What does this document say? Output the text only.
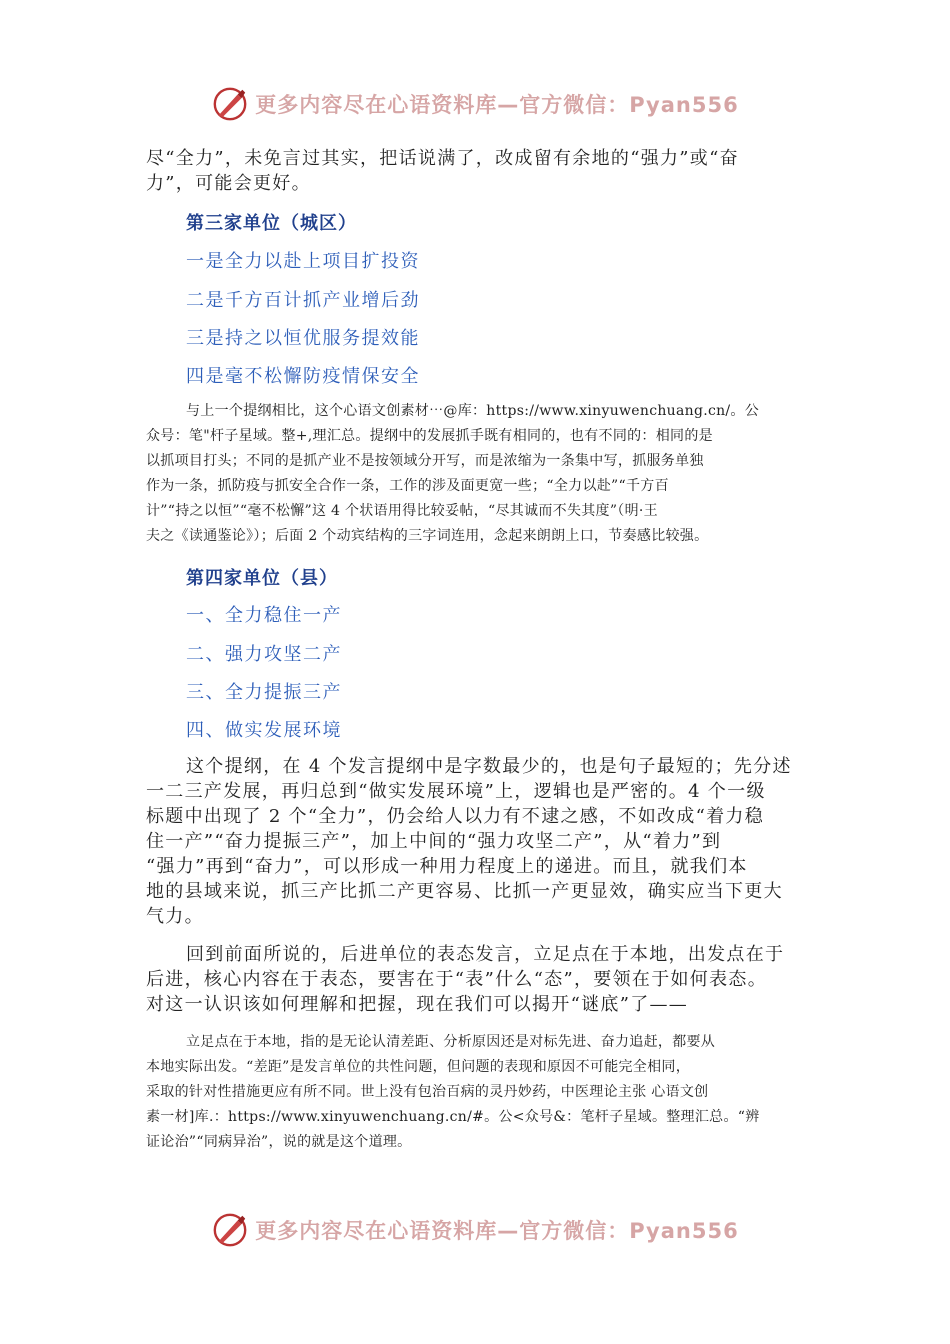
更多内容尽在心语资料库—官方微信：Pyan556
尽“全力”，未免言过其实，把话说满了，改成留有余地的“强力”或“奋
力”，可能会更好。
第三家单位（城区）
一是全力以赴上项目扩投资
二是千方百计抓产业增后劲
三是持之以恒优服务提效能
四是毫不松懈防疫情保安全
与上一个提纲相比，这个心语文创素材⋯@库：https://www.xinyuwenchuang.cn/。公
众号：笔"杆子星域。整+,理汇总。提纲中的发展抓手既有相同的，也有不同的：相同的是
以抓项目打头；不同的是抓产业不是按领域分开写，而是浓缩为一条集中写，抓服务单独
作为一条，抓防疫与抓安全合作一条，工作的涉及面更宽一些；“全力以赴”“千方百
计”“持之以恒”“毫不松懈”这 4 个状语用得比较妥帖，“尽其诚而不失其度”（明·王
夫之《读通鉴论》）；后面 2 个动宾结构的三字词连用，念起来朗朗上口，节奏感比较强。
第四家单位（县）
一、全力稳住一产
二、强力攻坚二产
三、全力提振三产
四、做实发展环境
这个提纲，在 4 个发言提纲中是字数最少的，也是句子最短的；先分述
一二三产发展，再归总到“做实发展环境”上，逻辑也是严密的。4 个一级
标题中出现了 2 个“全力”，仍会给人以力有不逮之感，不如改成“着力稳
住一产”“奋力提振三产”，加上中间的“强力攻坚二产”，从“着力”到
“强力”再到“奋力”，可以形成一种用力程度上的递进。而且，就我们本
地的县域来说，抓三产比抓二产更容易、比抓一产更显效，确实应当下更大
气力。
回到前面所说的，后进单位的表态发言，立足点在于本地，出发点在于
后进，核心内容在于表态，要害在于“表”什么“态”，要领在于如何表态。
对这一认识该如何理解和把握，现在我们可以揭开“谜底”了——
立足点在于本地，指的是无论认清差距、分析原因还是对标先进、奋力追赶，都要从
本地实际出发。“差距”是发言单位的共性问题，但问题的表现和原因不可能完全相同，
采取的针对性措施更应有所不同。世上没有包治百病的灵丹妙药，中医理论主张 心语文创
素一材]库.：https://www.xinyuwenchuang.cn/#。公<众号&：笔杆子星域。整理汇总。“辨
证论治”“同病异治”，说的就是这个道理。
更多内容尽在心语资料库—官方微信：Pyan556
